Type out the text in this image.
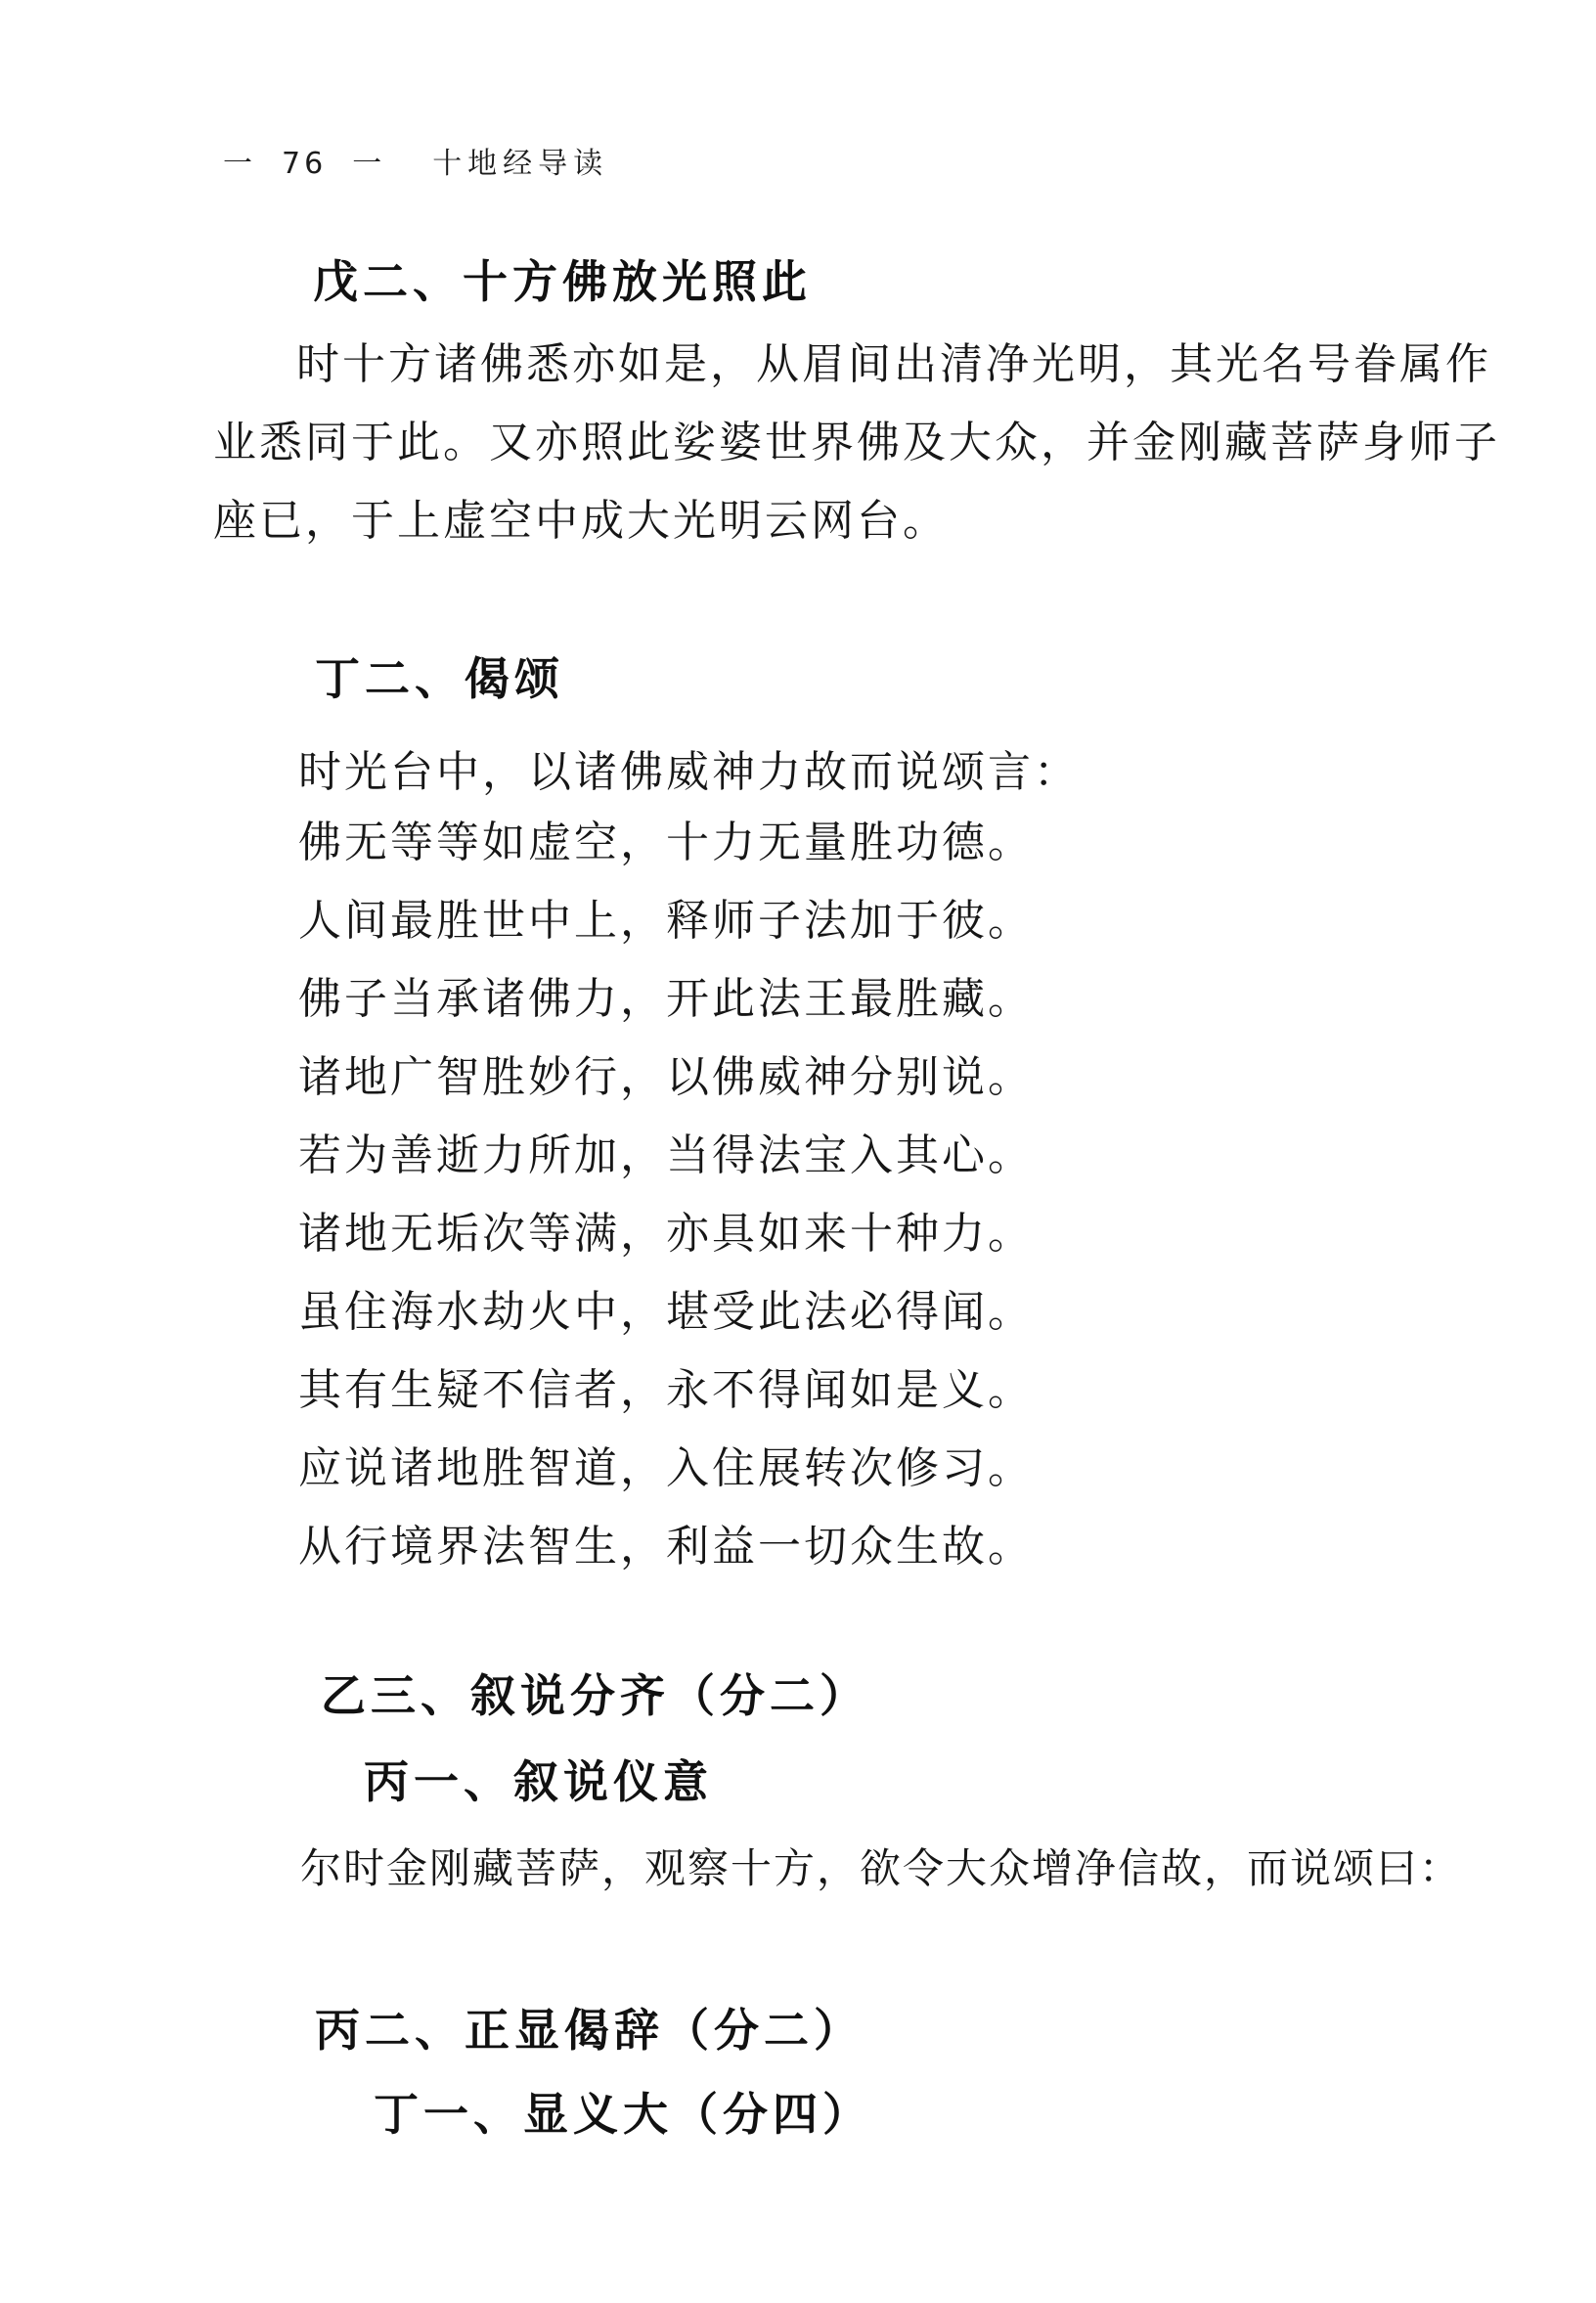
一 76 一 十地经导读
戊二、十方佛放光照此
时十方诸佛悉亦如是，从眉间出清净光明，其光名号眷属作
业悉同于此。又亦照此娑婆世界佛及大众，并金刚藏菩萨身师子
座已，于上虚空中成大光明云网台。
丁二、偈颂
时光台中，以诸佛威神力故而说颂言：
佛无等等如虚空，十力无量胜功德。
人间最胜世中上，释师子法加于彼。
佛子当承诸佛力，开此法王最胜藏。
诸地广智胜妙行，以佛威神分别说。
若为善逝力所加，当得法宝入其心。
诸地无垢次等满，亦具如来十种力。
虽住海水劫火中，堪受此法必得闻。
其有生疑不信者，永不得闻如是义。
应说诸地胜智道，入住展转次修习。
从行境界法智生，利益一切众生故。
乙三、叙说分齐（分二）
丙一、叙说仪意
尔时金刚藏菩萨，观察十方，欲令大众增净信故，而说颂曰：
丙二、正显偈辞（分二）
丁一、显义大（分四）
